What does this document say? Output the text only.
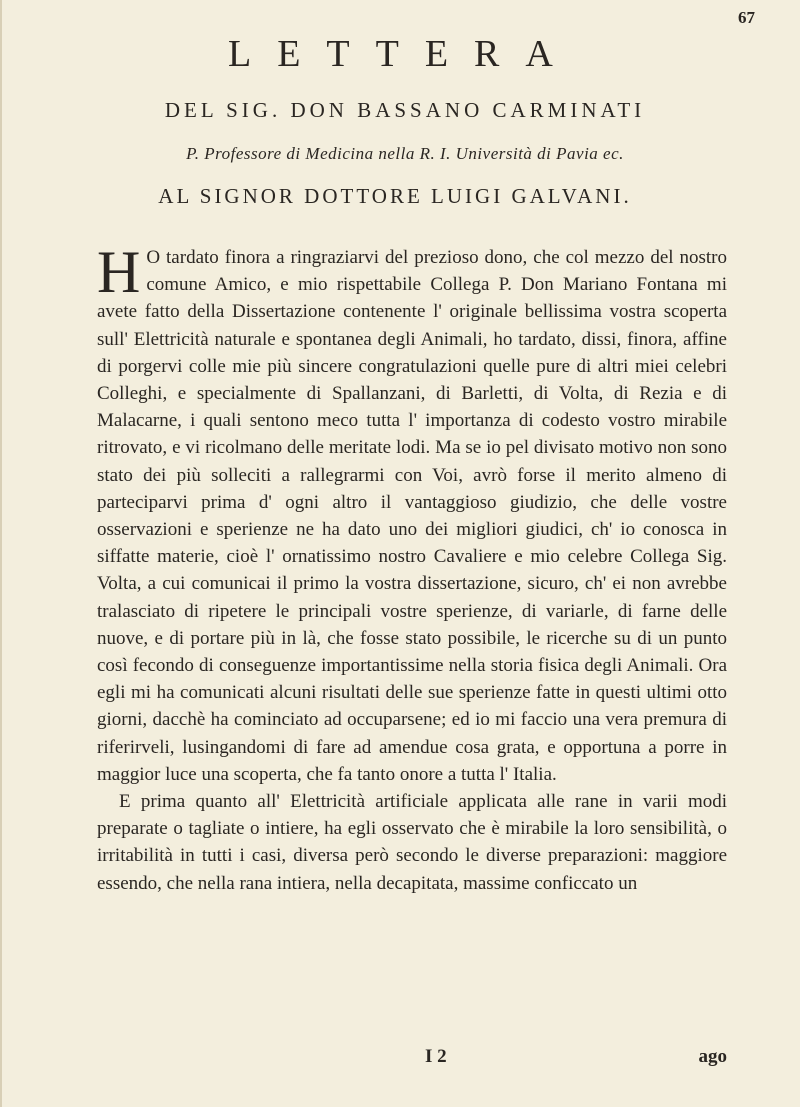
67
LETTERA
DEL SIG. DON BASSANO CARMINATI
P. Professore di Medicina nella R. I. Università di Pavia ec.
AL SIGNOR DOTTORE LUIGI GALVANI.

H O tardato finora a ringraziarvi del prezioso dono, che col mezzo del nostro comune Amico, e mio rispettabile Collega P. Don Mariano Fontana mi avete fatto della Dissertazione contenente l' originale bellissima vostra scoperta sull' Elettricità naturale e spontanea degli Animali, ho tardato, dissi, finora, affine di porgervi colle mie più sincere congratulazioni quelle pure di altri miei celebri Colleghi, e specialmente di Spallanzani, di Barletti, di Volta, di Rezia e di Malacarne, i quali sentono meco tutta l' importanza di codesto vostro mirabile ritrovato, e vi ricolmano delle meritate lodi. Ma se io pel divisato motivo non sono stato dei più solleciti a rallegrarmi con Voi, avrò forse il merito almeno di parteciparvi prima d' ogni altro il vantaggioso giudizio, che delle vostre osservazioni e sperienze ne ha dato uno dei migliori giudici, ch' io conosca in siffatte materie, cioè l' ornatissimo nostro Cavaliere e mio celebre Collega Sig. Volta, a cui comunicai il primo la vostra dissertazione, sicuro, ch' ei non avrebbe tralasciato di ripetere le principali vostre sperienze, di variarle, di farne delle nuove, e di portare più in là, che fosse stato possibile, le ricerche su di un punto così fecondo di conseguenze importantissime nella storia fisica degli Animali. Ora egli mi ha comunicati alcuni risultati delle sue sperienze fatte in questi ultimi otto giorni, dacchè ha cominciato ad occuparsene; ed io mi faccio una vera premura di riferirveli, lusingandomi di fare ad amendue cosa grata, e opportuna a porre in maggior luce una scoperta, che fa tanto onore a tutta l' Italia.

E prima quanto all' Elettricità artificiale applicata alle rane in varii modi preparate o tagliate o intiere, ha egli osservato che è mirabile la loro sensibilità, o irritabilità in tutti i casi, diversa però secondo le diverse preparazioni: maggiore essendo, che nella rana intiera, nella decapitata, massime conficcato un

I 2	ago
